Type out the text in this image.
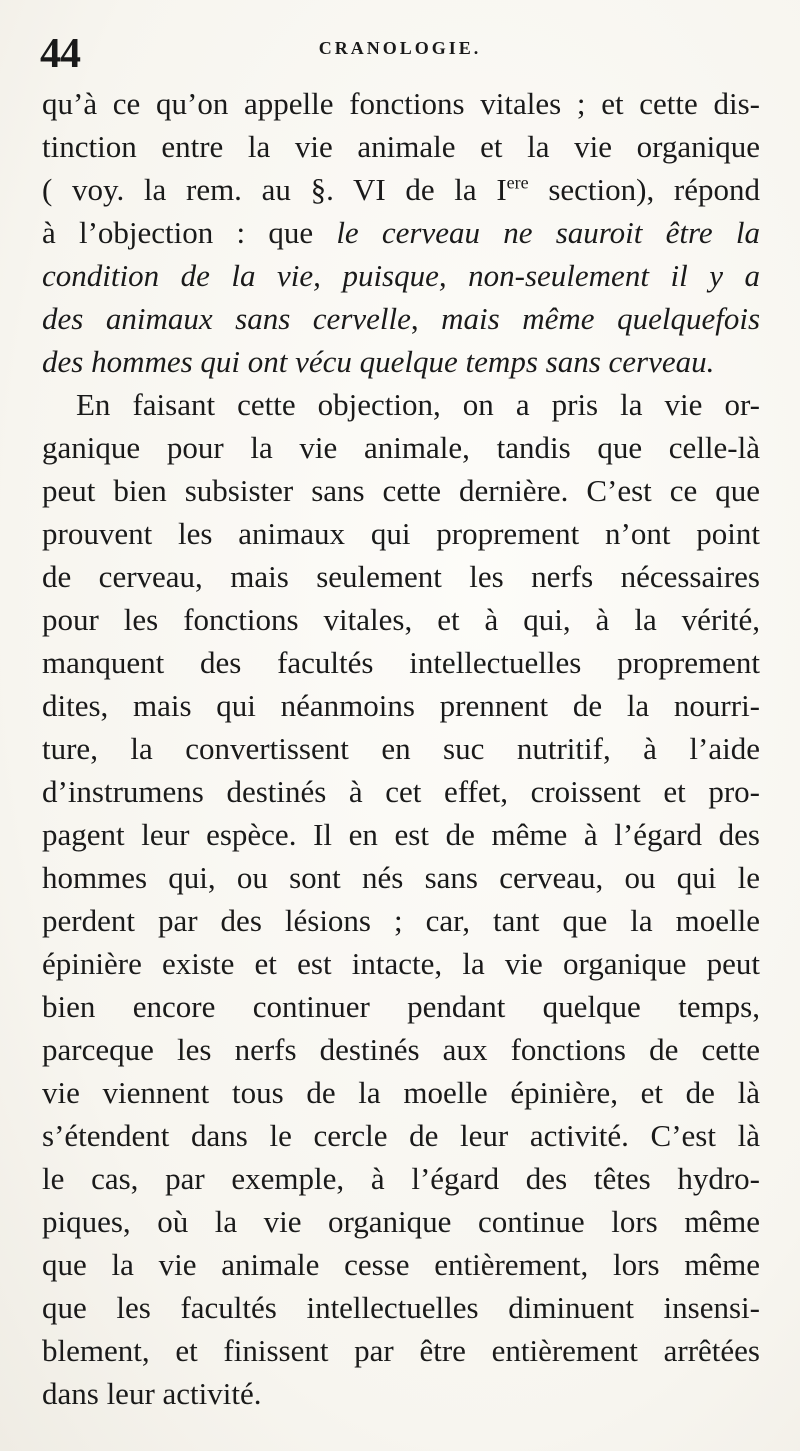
44	CRANOLOGIE.
qu’à ce qu’on appelle fonctions vitales ; et cette dis-
tinction entre la vie animale et la vie organique
( voy. la rem. au §. VI de la Iere section), répond
à l’objection : que le cerveau ne sauroit être la
condition de la vie, puisque, non-seulement il y a
des animaux sans cervelle, mais même quelquefois
des hommes qui ont vécu quelque temps sans cerveau.
En faisant cette objection, on a pris la vie or-
ganique pour la vie animale, tandis que celle-là
peut bien subsister sans cette dernière. C’est ce que
prouvent les animaux qui proprement n’ont point
de cerveau, mais seulement les nerfs nécessaires
pour les fonctions vitales, et à qui, à la vérité,
manquent des facultés intellectuelles proprement
dites, mais qui néanmoins prennent de la nourri-
ture, la convertissent en suc nutritif, à l’aide
d’instrumens destinés à cet effet, croissent et pro-
pagent leur espèce. Il en est de même à l’égard des
hommes qui, ou sont nés sans cerveau, ou qui le
perdent par des lésions ; car, tant que la moelle
épinière existe et est intacte, la vie organique peut
bien encore continuer pendant quelque temps,
parceque les nerfs destinés aux fonctions de cette
vie viennent tous de la moelle épinière, et de là
s’étendent dans le cercle de leur activité. C’est là
le cas, par exemple, à l’égard des têtes hydro-
piques, où la vie organique continue lors même
que la vie animale cesse entièrement, lors même
que les facultés intellectuelles diminuent insensi-
blement, et finissent par être entièrement arrêtées
dans leur activité.
